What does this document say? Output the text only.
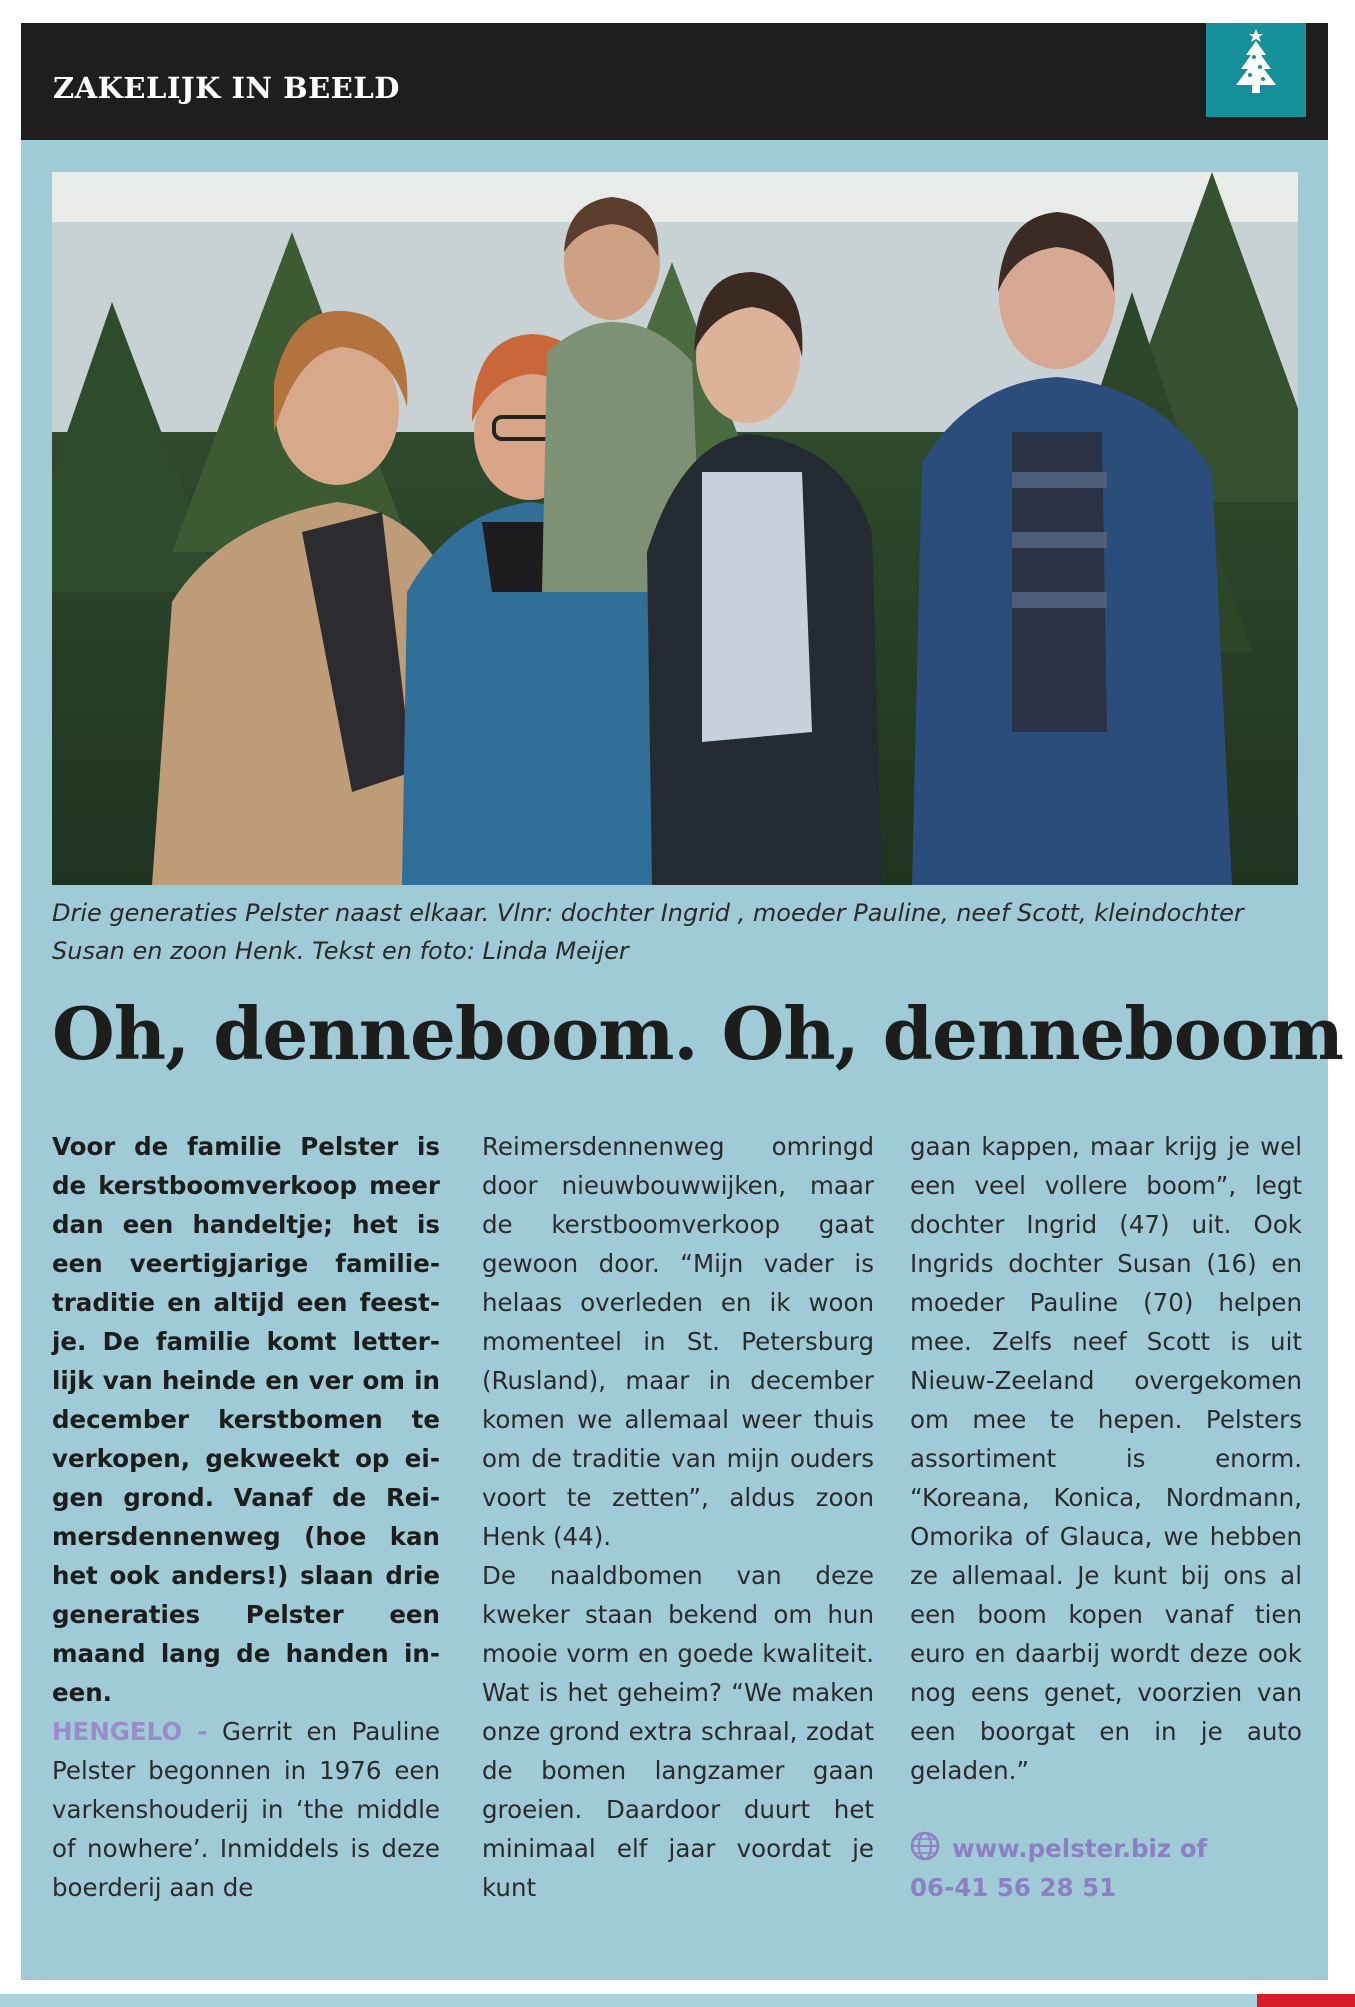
ZAKELIJK IN BEELD
Drie generaties Pelster naast elkaar. Vlnr: dochter Ingrid , moeder Pauline, neef Scott, kleindochter
Susan en zoon Henk. Tekst en foto: Linda Meijer
Oh, denneboom. Oh, denneboom

Voor de familie Pelster is de kerstboomverkoop meer dan een handeltje; het is een veertigjarige familietraditie en altijd een feestje. De familie komt letterlijk van heinde en ver om in december kerstbomen te verkopen, gekweekt op eigen grond. Vanaf de Reimersdennenweg (hoe kan het ook anders!) slaan drie generaties Pelster een maand lang de handen ineen.

HENGELO - Gerrit en Pauline Pelster begonnen in 1976 een varkenshouderij in ‘the middle of nowhere’. Inmiddels is deze boerderij aan de

Reimersdennenweg omringd door nieuwbouwwijken, maar de kerstboomverkoop gaat gewoon door. “Mijn vader is helaas overleden en ik woon momenteel in St. Petersburg (Rusland), maar in december komen we allemaal weer thuis om de traditie van mijn ouders voort te zetten”, aldus zoon Henk (44).

De naaldbomen van deze kweker staan bekend om hun mooie vorm en goede kwaliteit. Wat is het geheim? “We maken onze grond extra schraal, zodat de bomen langzamer gaan groeien. Daardoor duurt het minimaal elf jaar voordat je kunt

gaan kappen, maar krijg je wel een veel vollere boom”, legt dochter Ingrid (47) uit. Ook Ingrids dochter Susan (16) en moeder Pauline (70) helpen mee. Zelfs neef Scott is uit Nieuw-Zeeland overgekomen om mee te hepen. Pelsters assortiment is enorm. “Koreana, Konica, Nordmann, Omorika of Glauca, we hebben ze allemaal. Je kunt bij ons al een boom kopen vanaf tien euro en daarbij wordt deze ook nog eens genet, voorzien van een boorgat en in je auto geladen.”

www.pelster.biz of
06-41 56 28 51
